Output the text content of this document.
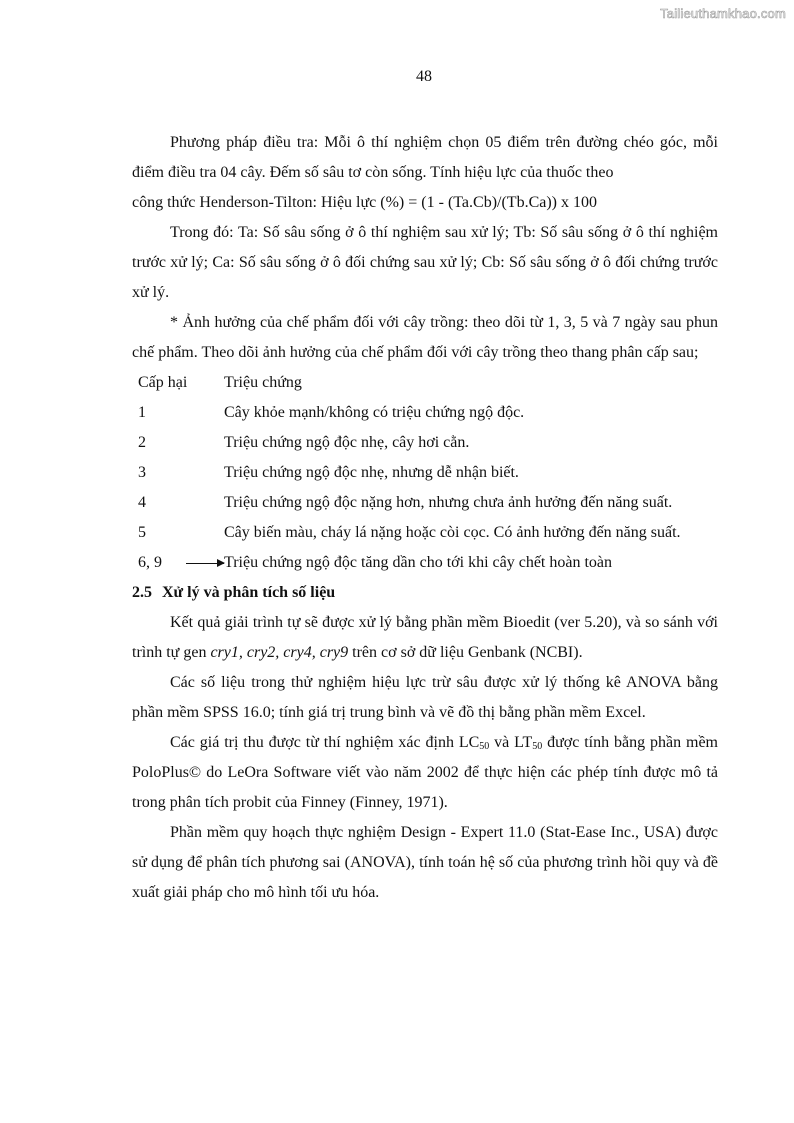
Tailieuthamkhao.com
48

Phương pháp điều tra: Mỗi ô thí nghiệm chọn 05 điểm trên đường chéo góc, mỗi điểm điều tra 04 cây. Đếm số sâu tơ còn sống. Tính hiệu lực của thuốc theo
công thức Henderson-Tilton: Hiệu lực (%) = (1 - (Ta.Cb)/(Tb.Ca)) x 100

Trong đó: Ta: Số sâu sống ở ô thí nghiệm sau xử lý; Tb: Số sâu sống ở ô thí nghiệm trước xử lý; Ca: Số sâu sống ở ô đối chứng sau xử lý; Cb: Số sâu sống ở ô đối chứng trước xử lý.

* Ảnh hưởng của chế phẩm đối với cây trồng: theo dõi từ 1, 3, 5 và 7 ngày sau phun chế phẩm. Theo dõi ảnh hưởng của chế phẩm đối với cây trồng theo thang phân cấp sau;

Cấp hại	Triệu chứng
1	Cây khỏe mạnh/không có triệu chứng ngộ độc.
2	Triệu chứng ngộ độc nhẹ, cây hơi cằn.
3	Triệu chứng ngộ độc nhẹ, nhưng dễ nhận biết.
4	Triệu chứng ngộ độc nặng hơn, nhưng chưa ảnh hưởng đến năng suất.
5	Cây biến màu, cháy lá nặng hoặc còi cọc. Có ảnh hưởng đến năng suất.
6, 9	Triệu chứng ngộ độc tăng dần cho tới khi cây chết hoàn toàn

2.5 Xử lý và phân tích số liệu

Kết quả giải trình tự sẽ được xử lý bằng phần mềm Bioedit (ver 5.20), và so sánh với trình tự gen cry1, cry2, cry4, cry9 trên cơ sở dữ liệu Genbank (NCBI).

Các số liệu trong thử nghiệm hiệu lực trừ sâu được xử lý thống kê ANOVA bằng phần mềm SPSS 16.0; tính giá trị trung bình và vẽ đồ thị bằng phần mềm Excel.

Các giá trị thu được từ thí nghiệm xác định $LC_{50}$ và $LT_{50}$ được tính bằng phần mềm PoloPlus© do LeOra Software viết vào năm 2002 để thực hiện các phép tính được mô tả trong phân tích probit của Finney (Finney, 1971).

Phần mềm quy hoạch thực nghiệm Design - Expert 11.0 (Stat-Ease Inc., USA) được sử dụng để phân tích phương sai (ANOVA), tính toán hệ số của phương trình hồi quy và đề xuất giải pháp cho mô hình tối ưu hóa.
